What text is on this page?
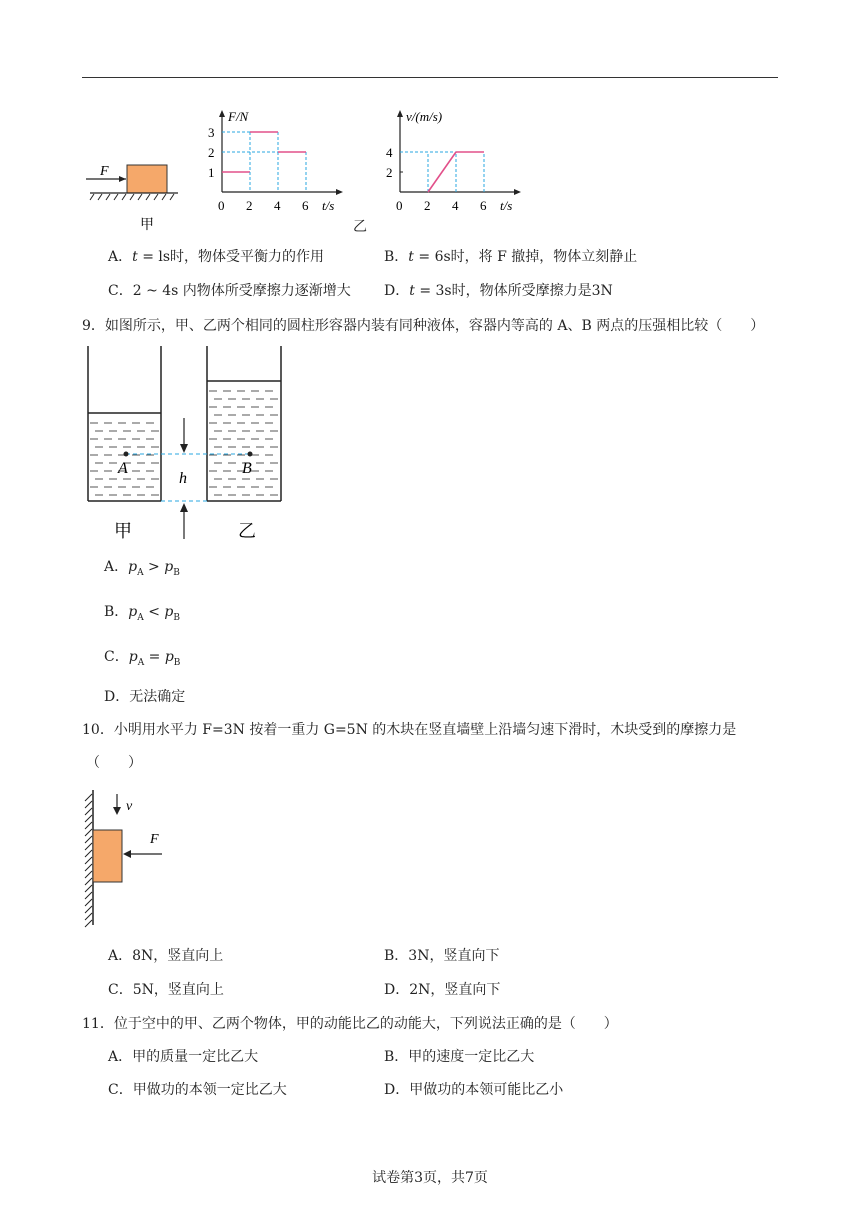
F
甲
F/N
t/s
0 2 4 6
1
2
3
乙
v/(m/s)
t/s
0 2 4 6
2
4
A．t = ls时，物体受平衡力的作用	B．t = 6s时，将 F 撤掉，物体立刻静止
C．2 ~ 4s 内物体所受摩擦力逐渐增大 D．t = 3s时，物体所受摩擦力是3N
9．如图所示，甲、乙两个相同的圆柱形容器内装有同种液体，容器内等高的 A、B 两点的压强相比较（　　）
A	B
h
甲	乙
A．$p_A > p_B$
B．$p_A < p_B$
C．$p_A = p_B$
D．无法确定
10．小明用水平力 F=3N 按着一重力 G=5N 的木块在竖直墙壁上沿墙匀速下滑时，木块受到的摩擦力是
（　　）
v
F
A．8N，竖直向上	B．3N，竖直向下
C．5N，竖直向上	D．2N，竖直向下
11．位于空中的甲、乙两个物体，甲的动能比乙的动能大，下列说法正确的是（　　）
A．甲的质量一定比乙大	B．甲的速度一定比乙大
C．甲做功的本领一定比乙大	D．甲做功的本领可能比乙小
试卷第3页，共7页
